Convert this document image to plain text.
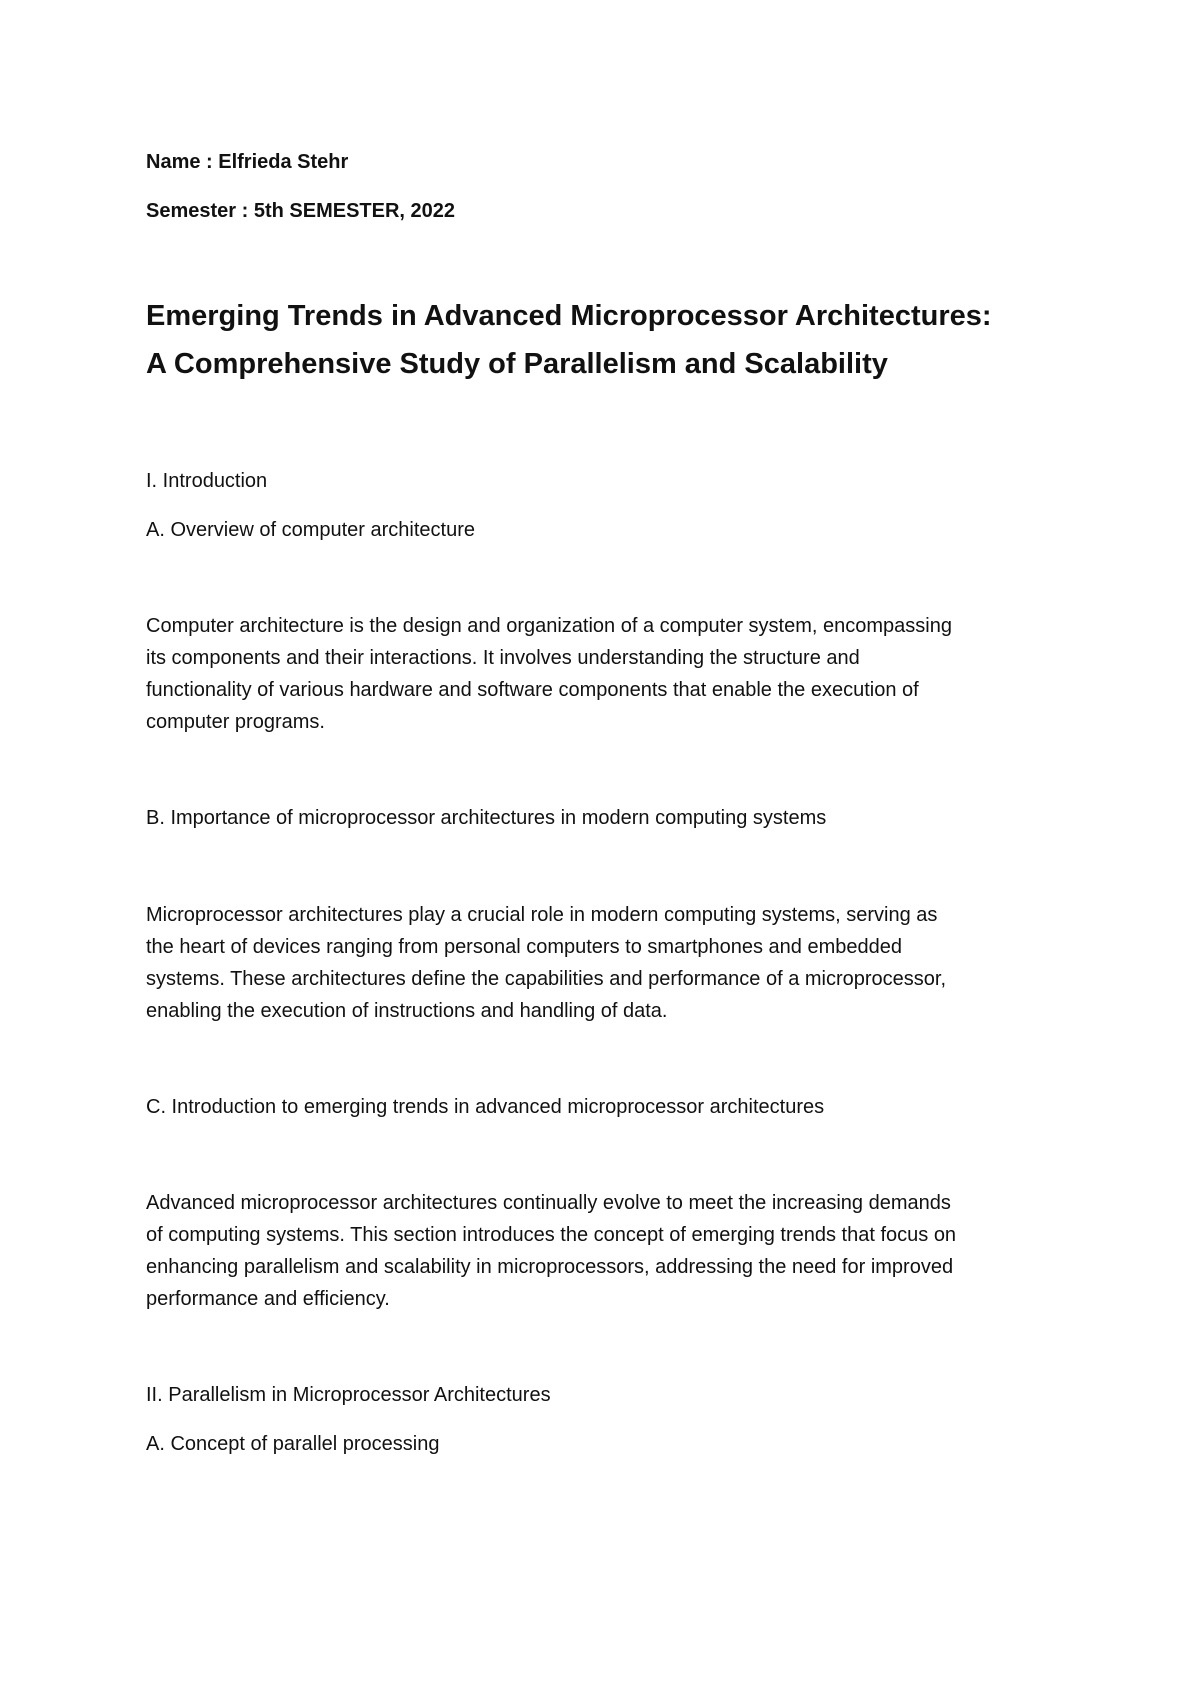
Name : Elfrieda Stehr
Semester : 5th SEMESTER, 2022
Emerging Trends in Advanced Microprocessor Architectures:
A Comprehensive Study of Parallelism and Scalability
I. Introduction
A. Overview of computer architecture

Computer architecture is the design and organization of a computer system, encompassing
its components and their interactions. It involves understanding the structure and
functionality of various hardware and software components that enable the execution of
computer programs.

B. Importance of microprocessor architectures in modern computing systems

Microprocessor architectures play a crucial role in modern computing systems, serving as
the heart of devices ranging from personal computers to smartphones and embedded
systems. These architectures define the capabilities and performance of a microprocessor,
enabling the execution of instructions and handling of data.

C. Introduction to emerging trends in advanced microprocessor architectures

Advanced microprocessor architectures continually evolve to meet the increasing demands
of computing systems. This section introduces the concept of emerging trends that focus on
enhancing parallelism and scalability in microprocessors, addressing the need for improved
performance and efficiency.

II. Parallelism in Microprocessor Architectures
A. Concept of parallel processing
